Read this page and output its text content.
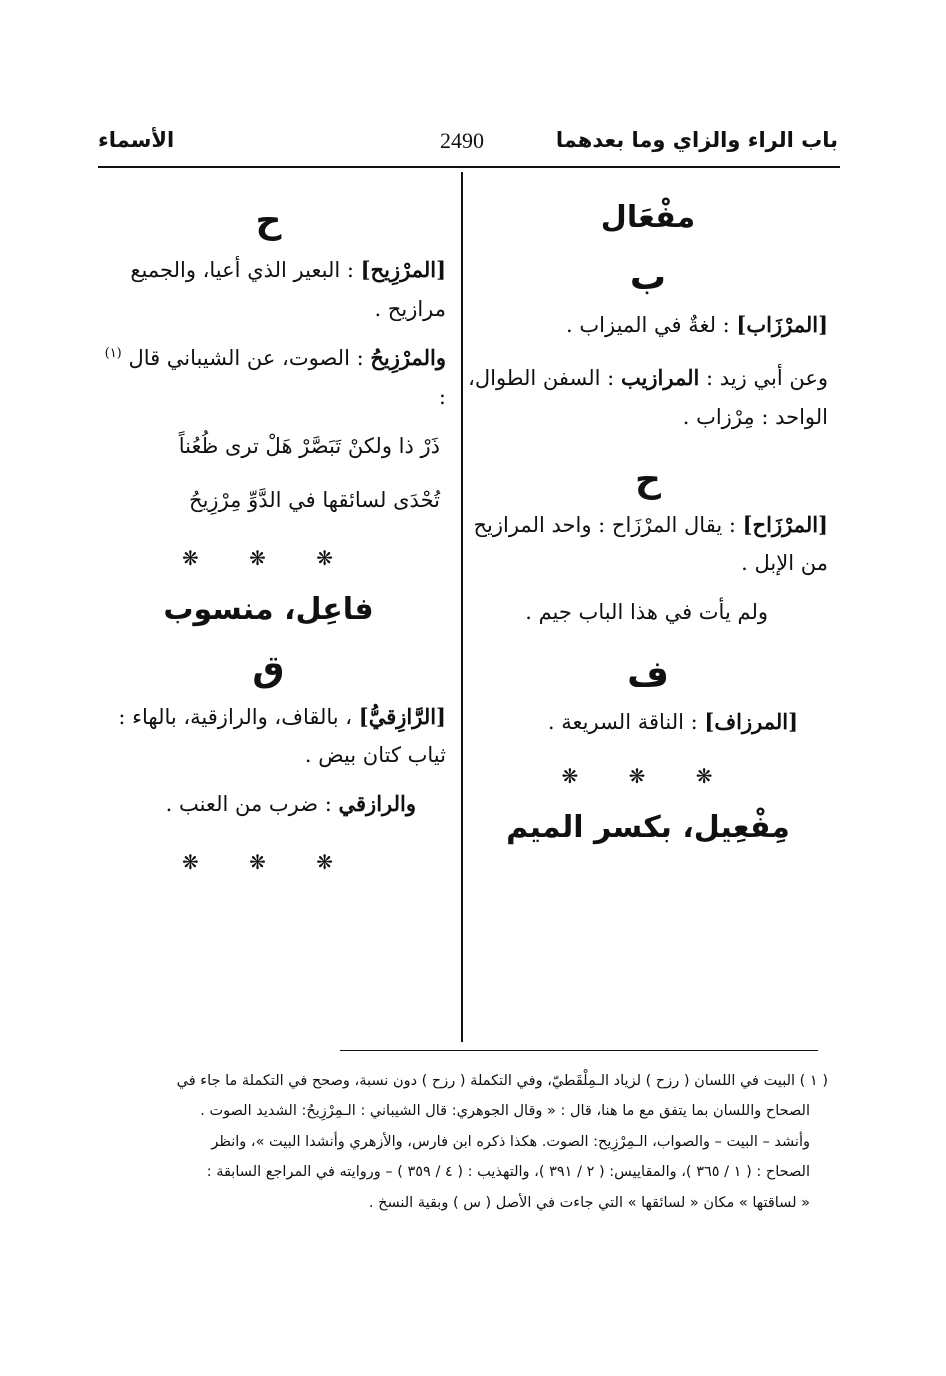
باب الراء والزاي وما بعدهما
2490
الأسماء
مفْعَال
ب

[المرْزَاب] : لغةٌ في الميزاب .

وعن أبي زيد : المرازيب : السفن الطوال، الواحد : مِرْزاب .

ح

[المرْزَاح] : يقال المرْزَاح : واحد المرازيح من الإبل .

ولم يأت في هذا الباب جيم .

ف

[المرزاف] : الناقة السريعة .

❋ ❋ ❋
مِفْعِيل، بكسر الميم
ح

[المرْزِيح] : البعير الذي أعيا، والجميع مرازيح .

والمرْزِيحُ : الصوت، عن الشيباني قال $^{(١)}$ :

ذَرْ ذا ولكنْ تَبَصَّرْ هَلْ ترى ظُعُناً

تُحْدَى لسائقها في الدَّوِّ مِرْزِيحُ

❋ ❋ ❋
فاعِل، منسوب
ق

[الرَّازِقيُّ] ، بالقاف، والرازقية، بالهاء : ثياب كتان بيض .

والرازقي : ضرب من العنب .

❋ ❋ ❋

( ١ ) البيت في اللسان ( رزح ) لزياد الـمِلْقَطيّ، وفي التكملة ( رزح ) دون نسبة، وصحح في التكملة ما جاء في

الصحاح واللسان بما يتفق مع ما هنا، قال : « وقال الجوهري: قال الشيباني : الـمِرْزِيحُ: الشديد الصوت .

وأنشد – البيت – والصواب، الـمِرْزِيح: الصوت. هكذا ذكره ابن فارس، والأزهري وأنشدا البيت »، وانظر

الصحاح : ( ١ / ٣٦٥ )، والمقاييس: ( ٢ / ٣٩١ )، والتهذيب : ( ٤ / ٣٥٩ ) – وروايته في المراجع السابقة :

« لساقتها » مكان « لسائقها » التي جاءت في الأصل ( س ) وبقية النسخ .
